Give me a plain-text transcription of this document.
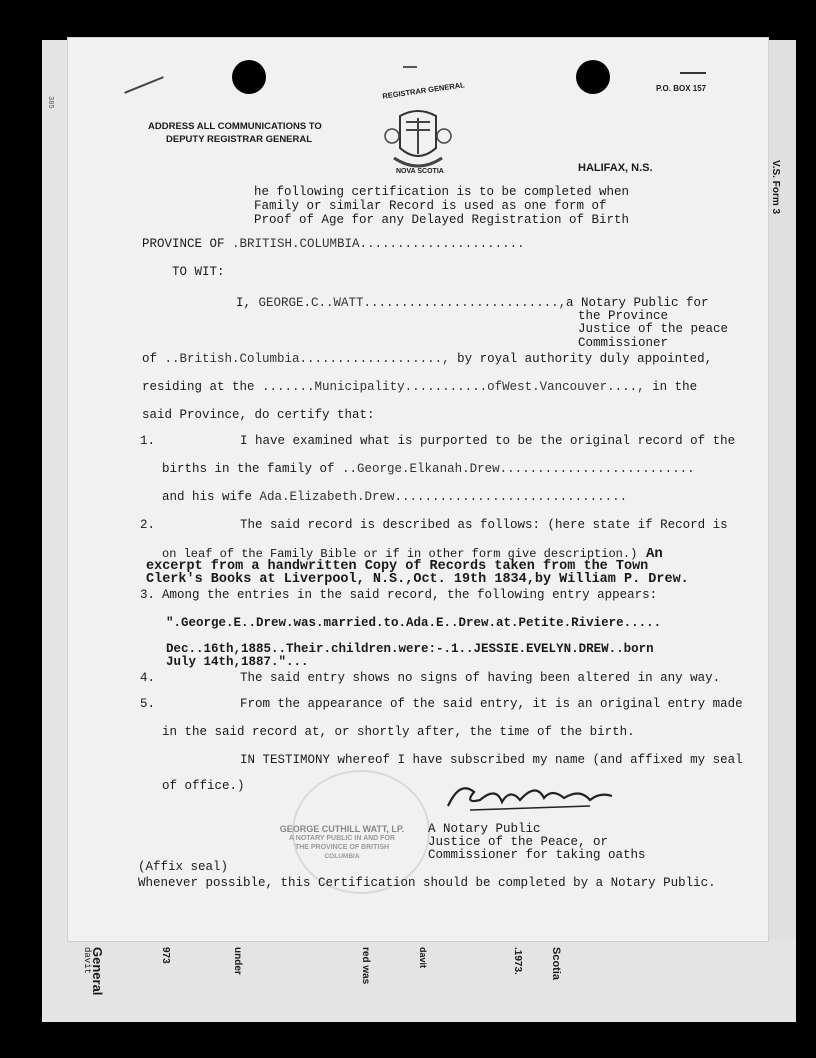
V.S. Form 3
General
davit	973	under	red was	davit	.1973. Scotia
385
P.O. BOX 157
ADDRESS ALL COMMUNICATIONS TO
DEPUTY REGISTRAR GENERAL
HALIFAX, N.S.
REGISTRAR GENERAL
NOVA SCOTIA
he following certification is to be completed when
Family or similar Record is used as one form of
Proof of Age for any Delayed Registration of Birth
PROVINCE OF .BRITISH.COLUMBIA......................
TO WIT:
I, GEORGE.C..WATT.........................., a Notary Public for
the Province
Justice of the peace
Commissioner
of ..British.Columbia..................., by royal authority duly appointed,
residing at the .......Municipality...........ofWest.Vancouver...., in the
said Province, do certify that:
1.	I have examined what is purported to be the original record of the
births in the family of ..George.Elkanah.Drew..........................
and his wife Ada.Elizabeth.Drew...............................
2.	The said record is described as follows: (here state if Record is
on leaf of the Family Bible or if in other form give description.) An
excerpt from a handwritten Copy of Records taken from the Town
Clerk's Books at Liverpool, N.S.,Oct. 19th 1834,by William P. Drew.
3. Among the entries in the said record, the following entry appears:
".George.E..Drew.was.married.to.Ada.E..Drew.at.Petite.Riviere.....
Dec..16th,1885..Their.children.were:-.1..JESSIE.EVELYN.DREW..born
July 14th,1887."...
4.	The said entry shows no signs of having been altered in any way.
5.	From the appearance of the said entry, it is an original entry made
in the said record at, or shortly after, the time of the birth.
IN TESTIMONY whereof I have subscribed my name (and affixed my seal
of office.)
GEORGE CUTHILL WATT, LP.
A NOTARY PUBLIC IN AND FOR
THE PROVINCE OF BRITISH
COLUMBIA
A Notary Public
Justice of the Peace, or
Commissioner for taking oaths
(Affix seal)
Whenever possible, this Certification should be completed by a Notary Public.
